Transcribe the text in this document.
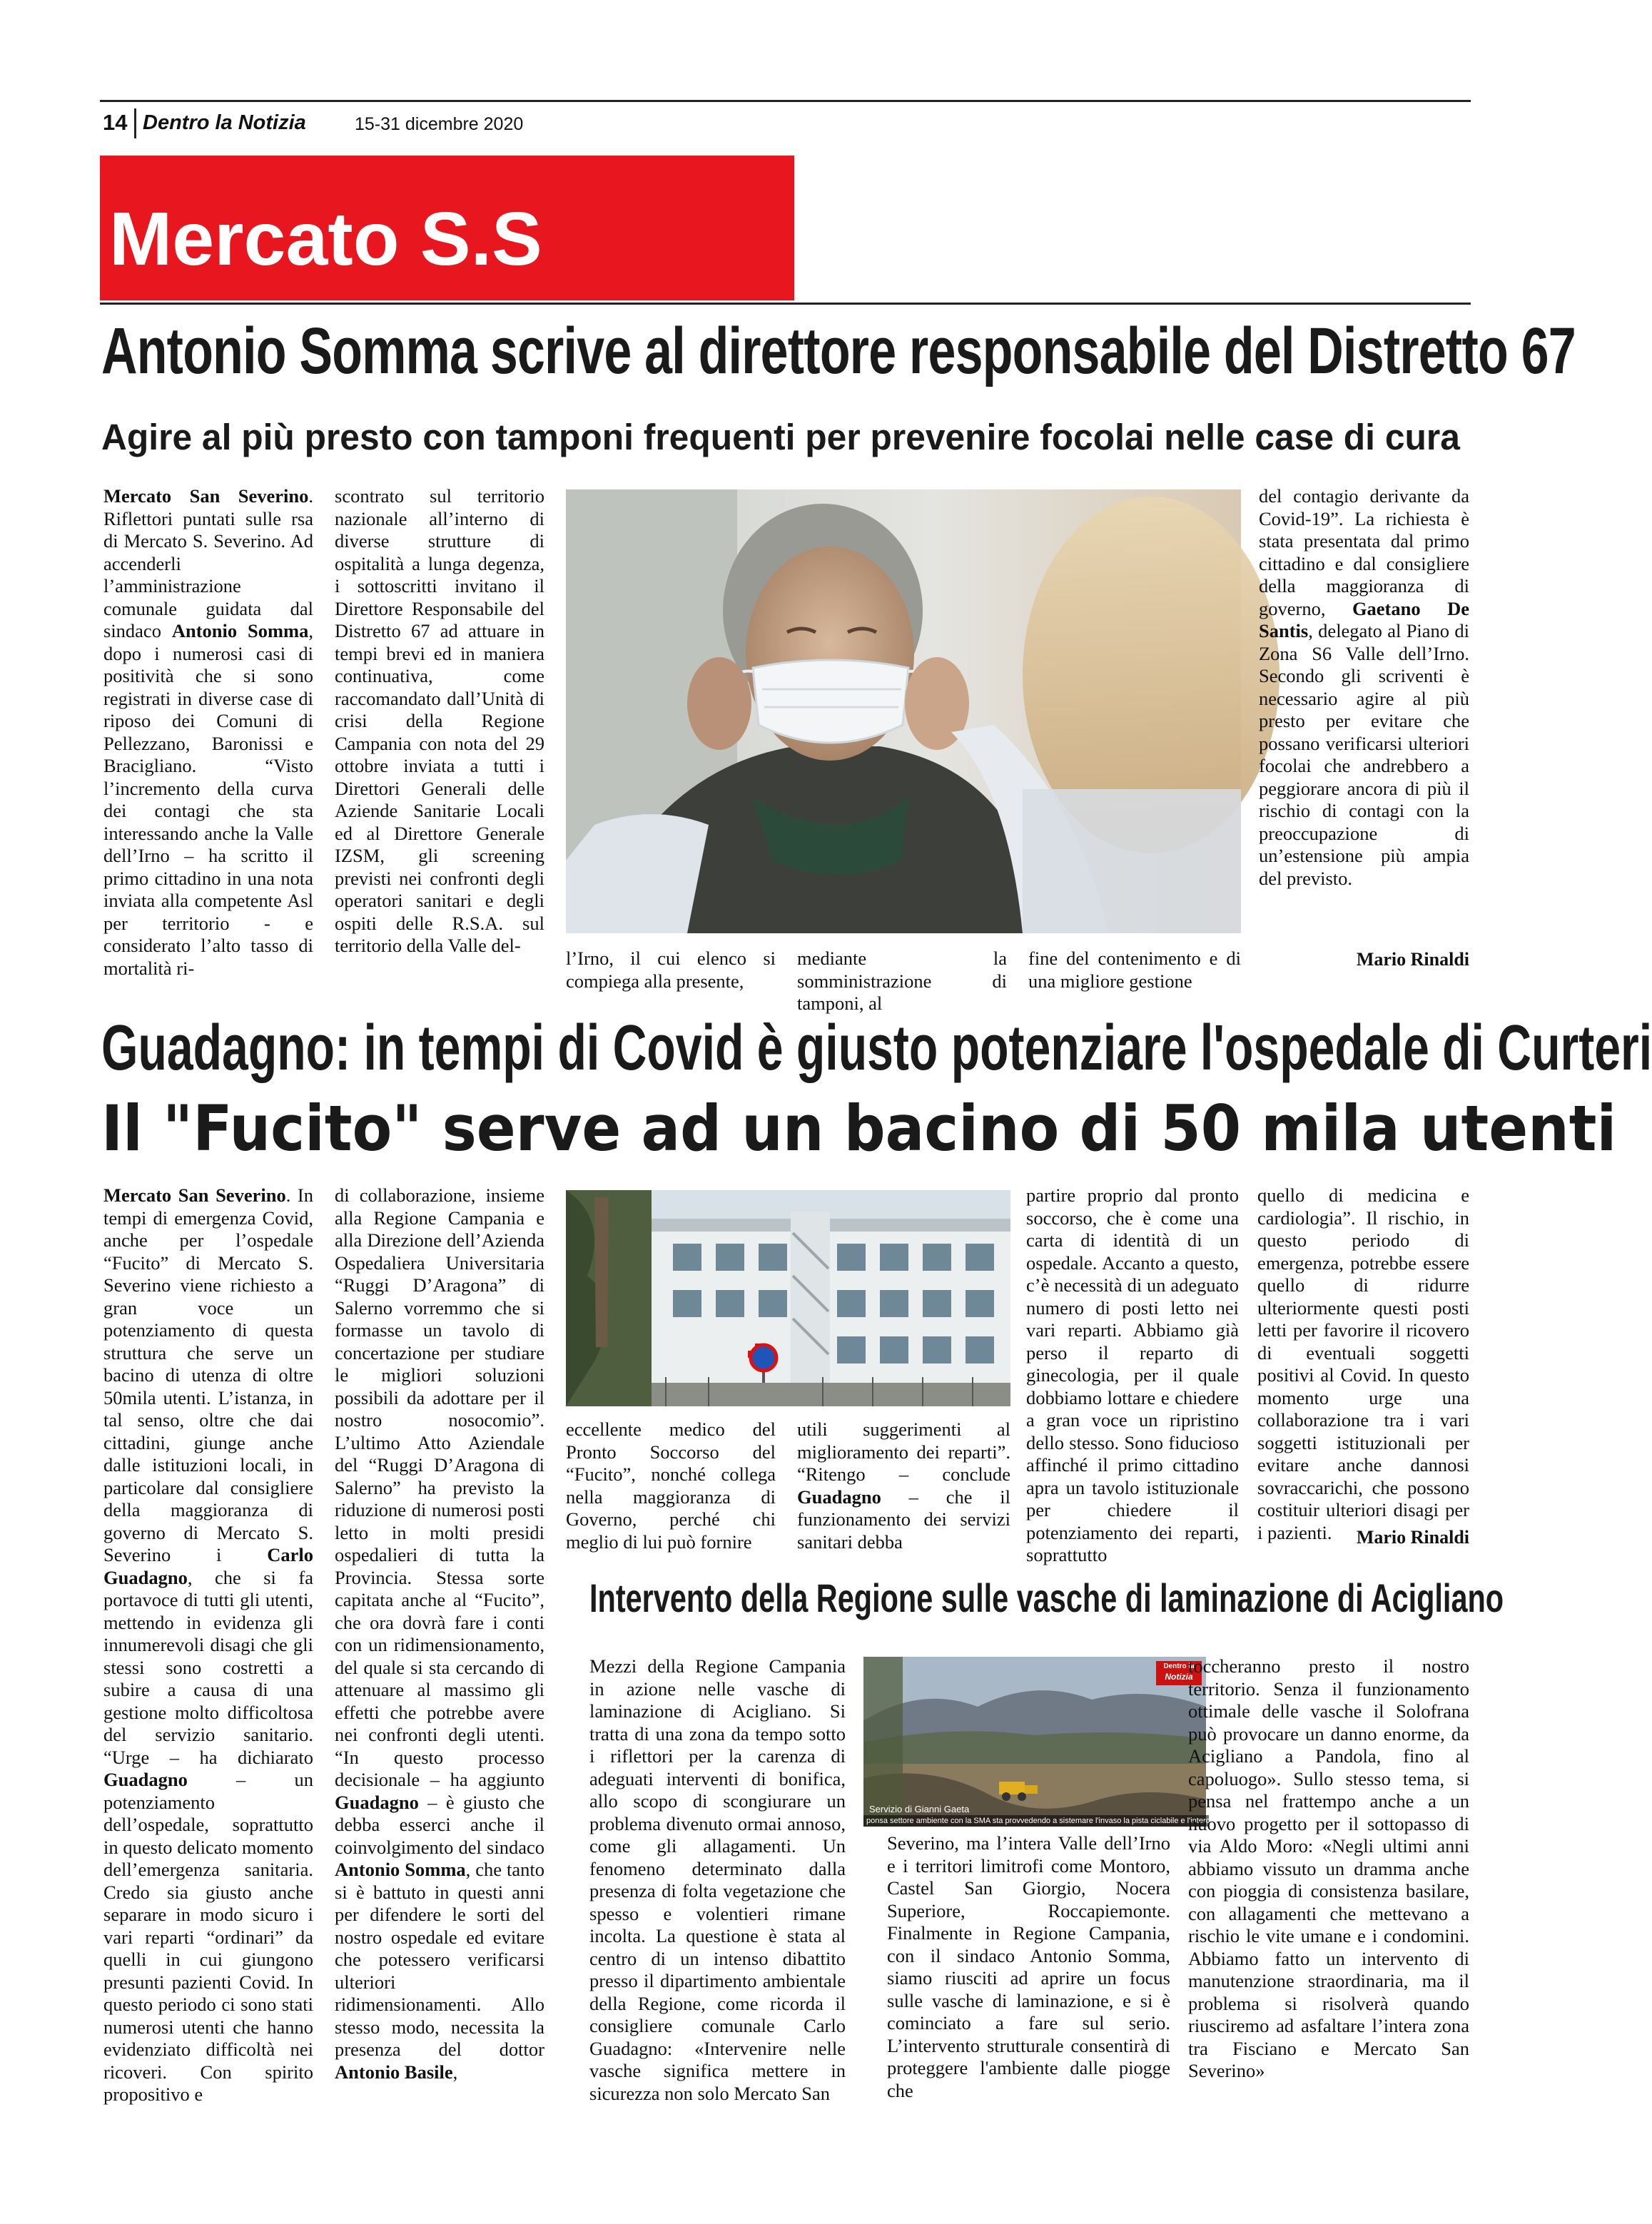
14 Dentro la Notizia	15-31 dicembre 2020
Mercato S.S
Antonio Somma scrive al direttore responsabile del Distretto 67
Agire al più presto con tamponi frequenti per prevenire focolai nelle case di cura

Mercato San Severino. Riflettori puntati sulle rsa di Mercato S. Severino. Ad accenderli l’amministrazione comunale guidata dal sindaco Antonio Somma, dopo i numerosi casi di positività che si sono registrati in diverse case di riposo dei Comuni di Pellezzano, Baronissi e Bracigliano. “Visto l’incremento della curva dei contagi che sta interessando anche la Valle dell’Irno – ha scritto il primo cittadino in una nota inviata alla competente Asl per territorio - e considerato l’alto tasso di mortalità ri-

scontrato sul territorio nazionale all’interno di diverse strutture di ospitalità a lunga degenza, i sottoscritti invitano il Direttore Responsabile del Distretto 67 ad attuare in tempi brevi ed in maniera continuativa, come raccomandato dall’Unità di crisi della Regione Campania con nota del 29 ottobre inviata a tutti i Direttori Generali delle Aziende Sanitarie Locali ed al Direttore Generale IZSM, gli screening previsti nei confronti degli operatori sanitari e degli ospiti delle R.S.A. sul territorio della Valle del-

l’Irno, il cui elenco si compiega alla presente,

mediante la somministrazione di tamponi, al

fine del contenimento e di una migliore gestione

del contagio derivante da Covid-19”. La richiesta è stata presentata dal primo cittadino e dal consigliere della maggioranza di governo, Gaetano De Santis, delegato al Piano di Zona S6 Valle dell’Irno. Secondo gli scriventi è necessario agire al più presto per evitare che possano verificarsi ulteriori focolai che andrebbero a peggiorare ancora di più il rischio di contagi con la preoccupazione di un’estensione più ampia del previsto.

Mario Rinaldi
Guadagno: in tempi di Covid è giusto potenziare l'ospedale di Curteri
Il "Fucito" serve ad un bacino di 50 mila utenti

Mercato San Severino. In tempi di emergenza Covid, anche per l’ospedale “Fucito” di Mercato S. Severino viene richiesto a gran voce un potenziamento di questa struttura che serve un bacino di utenza di oltre 50mila utenti. L’istanza, in tal senso, oltre che dai cittadini, giunge anche dalle istituzioni locali, in particolare dal consigliere della maggioranza di governo di Mercato S. Severino i Carlo Guadagno, che si fa portavoce di tutti gli utenti, mettendo in evidenza gli innumerevoli disagi che gli stessi sono costretti a subire a causa di una gestione molto difficoltosa del servizio sanitario. “Urge – ha dichiarato Guadagno – un potenziamento dell’ospedale, soprattutto in questo delicato momento dell’emergenza sanitaria. Credo sia giusto anche separare in modo sicuro i vari reparti “ordinari” da quelli in cui giungono presunti pazienti Covid. In questo periodo ci sono stati numerosi utenti che hanno evidenziato difficoltà nei ricoveri. Con spirito propositivo e

di collaborazione, insieme alla Regione Campania e alla Direzione dell’Azienda Ospedaliera Universitaria “Ruggi D’Aragona” di Salerno vorremmo che si formasse un tavolo di concertazione per studiare le migliori soluzioni possibili da adottare per il nostro nosocomio”. L’ultimo Atto Aziendale del “Ruggi D’Aragona di Salerno” ha previsto la riduzione di numerosi posti letto in molti presidi ospedalieri di tutta la Provincia. Stessa sorte capitata anche al “Fucito”, che ora dovrà fare i conti con un ridimensionamento, del quale si sta cercando di attenuare al massimo gli effetti che potrebbe avere nei confronti degli utenti. “In questo processo decisionale – ha aggiunto Guadagno – è giusto che debba esserci anche il coinvolgimento del sindaco Antonio Somma, che tanto si è battuto in questi anni per difendere le sorti del nostro ospedale ed evitare che potessero verificarsi ulteriori ridimensionamenti. Allo stesso modo, necessita la presenza del dottor Antonio Basile,

eccellente medico del Pronto Soccorso del “Fucito”, nonché collega nella maggioranza di Governo, perché chi meglio di lui può fornire

utili suggerimenti al miglioramento dei reparti”. “Ritengo – conclude Guadagno – che il funzionamento dei servizi sanitari debba

partire proprio dal pronto soccorso, che è come una carta di identità di un ospedale. Accanto a questo, c’è necessità di un adeguato numero di posti letto nei vari reparti. Abbiamo già perso il reparto di ginecologia, per il quale dobbiamo lottare e chiedere a gran voce un ripristino dello stesso. Sono fiducioso affinché il primo cittadino apra un tavolo istituzionale per chiedere il potenziamento dei reparti, soprattutto

quello di medicina e cardiologia”. Il rischio, in questo periodo di emergenza, potrebbe essere quello di ridurre ulteriormente questi posti letti per favorire il ricovero di eventuali soggetti positivi al Covid. In questo momento urge una collaborazione tra i vari soggetti istituzionali per evitare anche dannosi sovraccarichi, che possono costituir ulteriori disagi per i pazienti.	Mario Rinaldi
Intervento della Regione sulle vasche di laminazione di Acigliano

Mezzi della Regione Campania in azione nelle vasche di laminazione di Acigliano. Si tratta di una zona da tempo sotto i riflettori per la carenza di adeguati interventi di bonifica, allo scopo di scongiurare un problema divenuto ormai annoso, come gli allagamenti. Un fenomeno determinato dalla presenza di folta vegetazione che spesso e volentieri rimane incolta. La questione è stata al centro di un intenso dibattito presso il dipartimento ambientale della Regione, come ricorda il consigliere comunale Carlo Guadagno: «Intervenire nelle vasche significa mettere in sicurezza non solo Mercato San

Dentro la
Notizia
Servizio di Gianni Gaeta
ponsa settore ambiente con la SMA sta provvedendo a sistemare l'invaso la pista ciclabile e l'intero versante

Severino, ma l’intera Valle dell’Irno e i territori limitrofi come Montoro, Castel San Giorgio, Nocera Superiore, Roccapiemonte. Finalmente in Regione Campania, con il sindaco Antonio Somma, siamo riusciti ad aprire un focus sulle vasche di laminazione, e si è cominciato a fare sul serio. L’intervento strutturale consentirà di proteggere l'ambiente dalle piogge che

toccheranno presto il nostro territorio. Senza il funzionamento ottimale delle vasche il Solofrana può provocare un danno enorme, da Acigliano a Pandola, fino al capoluogo». Sullo stesso tema, si pensa nel frattempo anche a un nuovo progetto per il sottopasso di via Aldo Moro: «Negli ultimi anni abbiamo vissuto un dramma anche con pioggia di consistenza basilare, con allagamenti che mettevano a rischio le vite umane e i condomini. Abbiamo fatto un intervento di manutenzione straordinaria, ma il problema si risolverà quando riusciremo ad asfaltare l’intera zona tra Fisciano e Mercato San Severino»
